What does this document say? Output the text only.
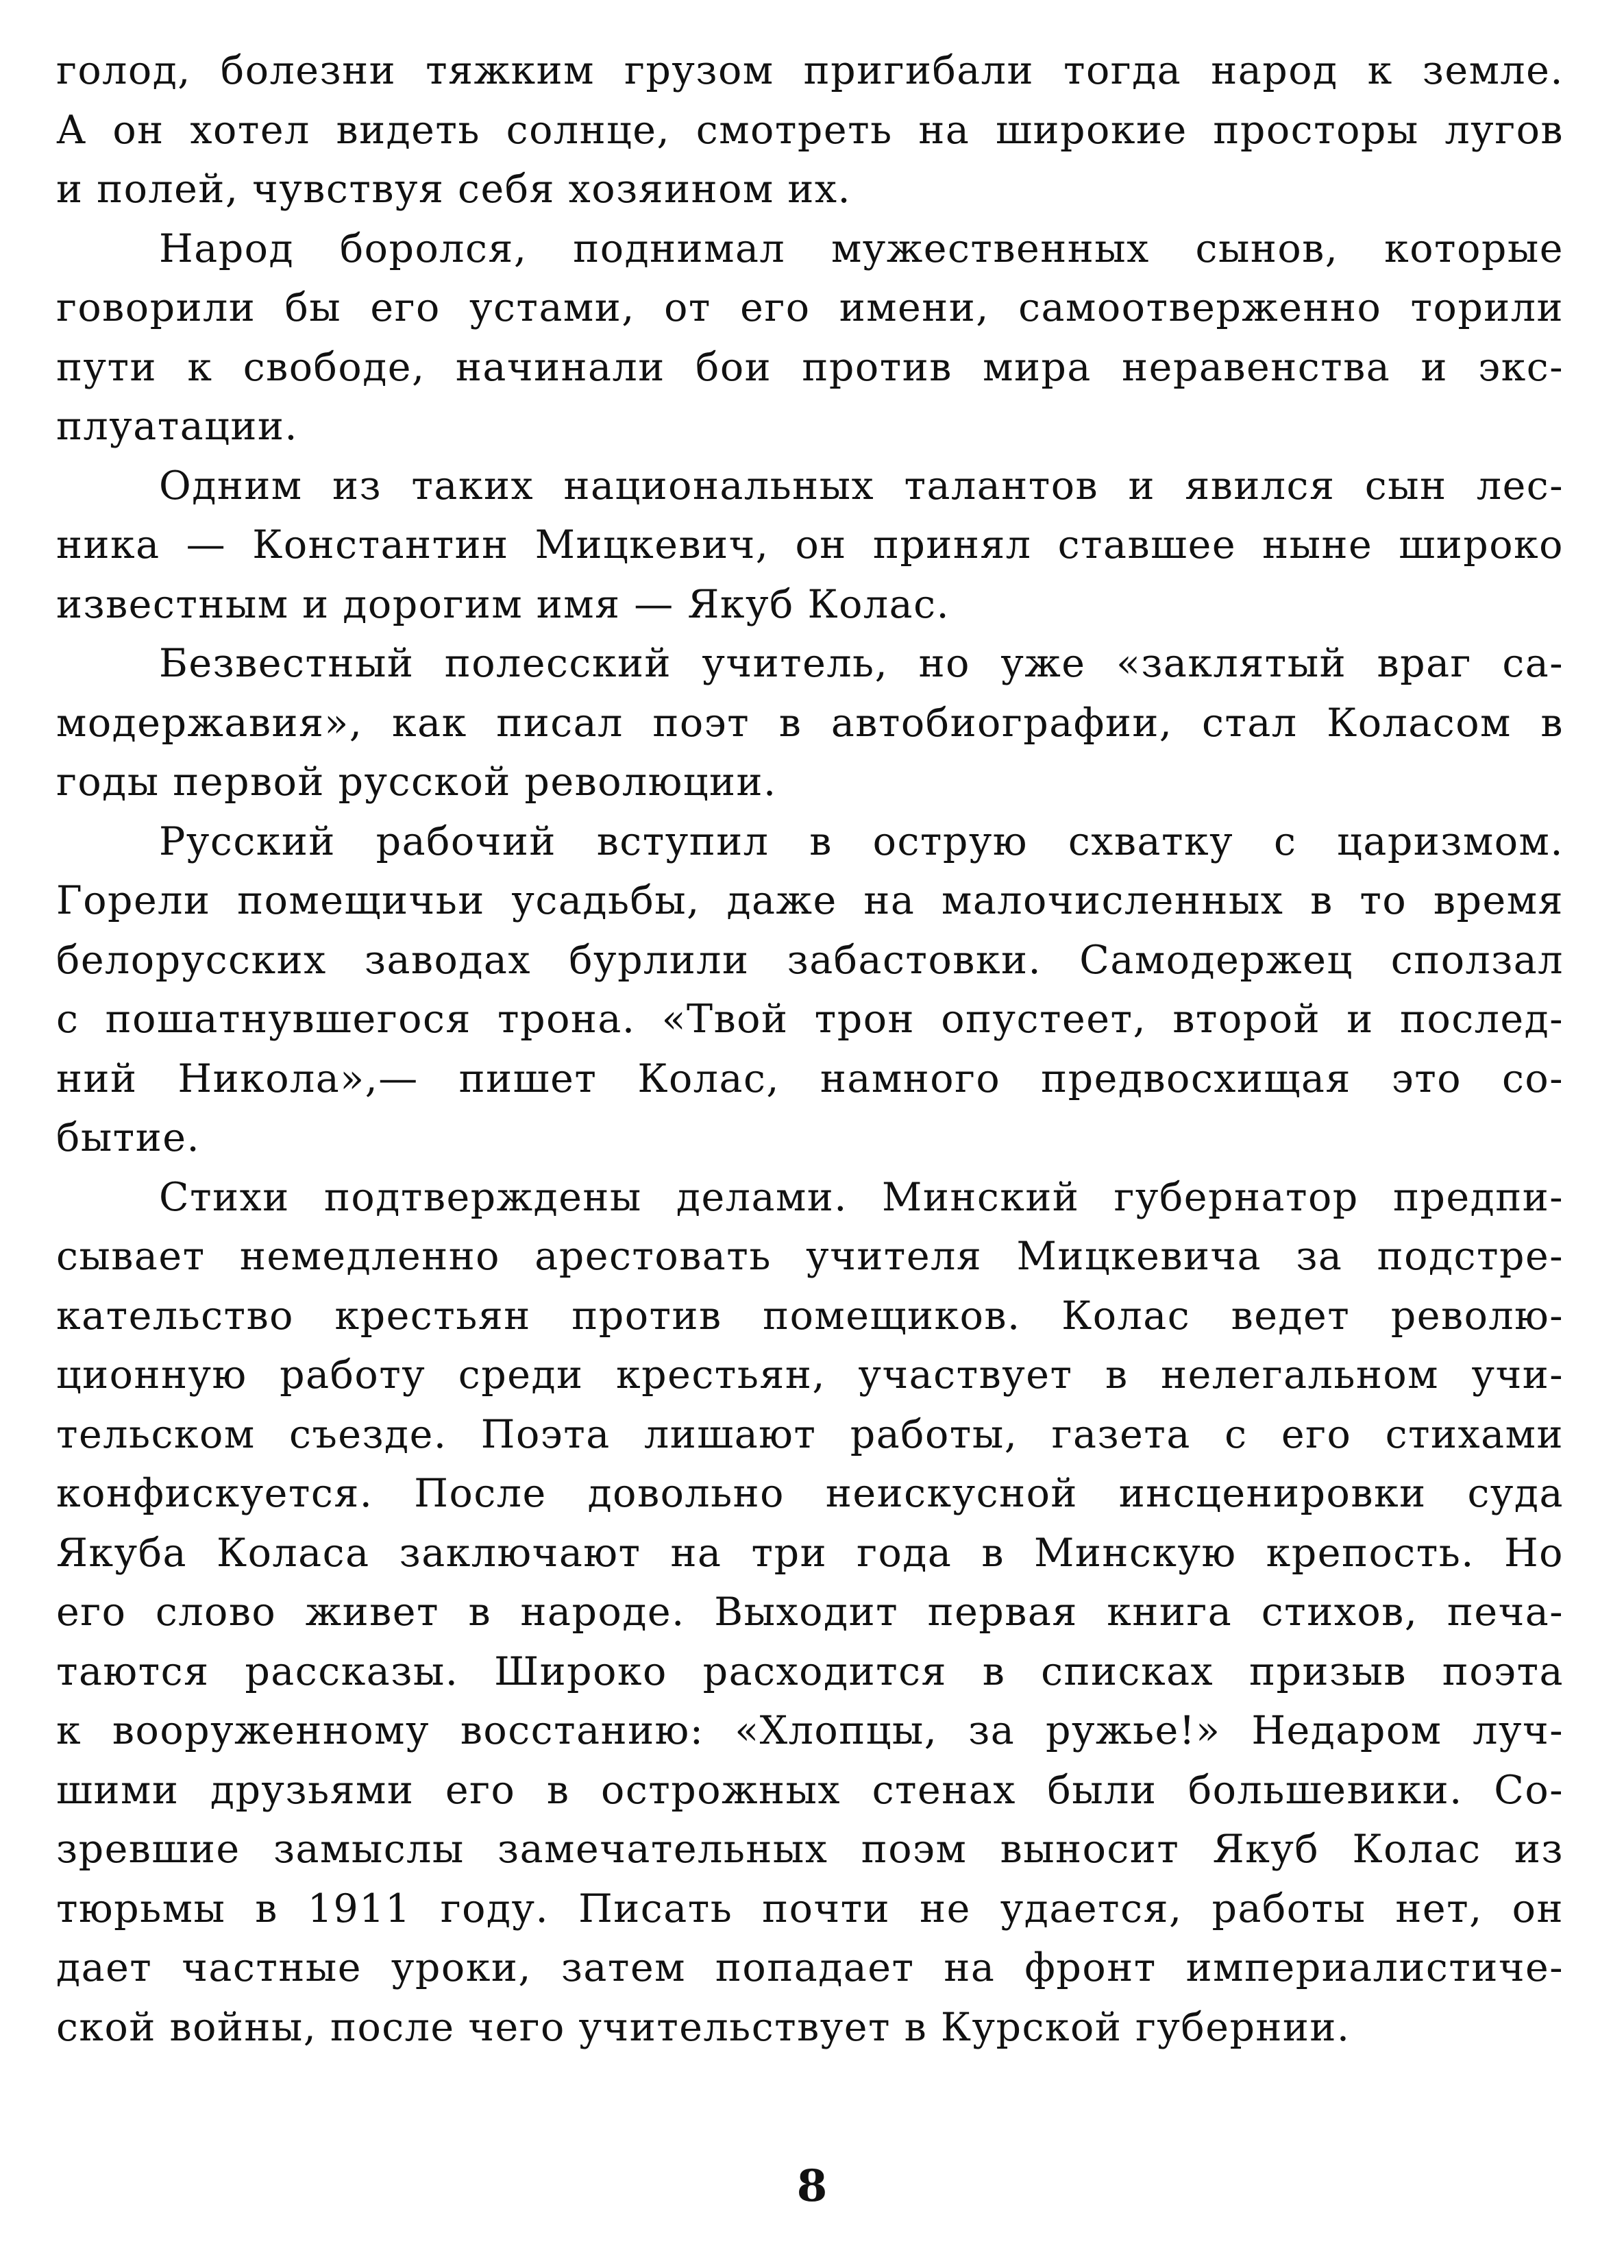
голод, болезни тяжким грузом пригибали тогда народ к земле.
А он хотел видеть солнце, смотреть на широкие просторы лугов
и полей, чувствуя себя хозяином их.
Народ боролся, поднимал мужественных сынов, которые
говорили бы его устами, от его имени, самоотверженно торили
пути к свободе, начинали бои против мира неравенства и экс-
плуатации.
Одним из таких национальных талантов и явился сын лес-
ника — Константин Мицкевич, он принял ставшее ныне широко
известным и дорогим имя — Якуб Колас.
Безвестный полесский учитель, но уже «заклятый враг са-
модержавия», как писал поэт в автобиографии, стал Коласом в
годы первой русской революции.
Русский рабочий вступил в острую схватку с царизмом.
Горели помещичьи усадьбы, даже на малочисленных в то время
белорусских заводах бурлили забастовки. Самодержец сползал
с пошатнувшегося трона. «Твой трон опустеет, второй и послед-
ний Никола»,— пишет Колас, намного предвосхищая это со-
бытие.
Стихи подтверждены делами. Минский губернатор предпи-
сывает немедленно арестовать учителя Мицкевича за подстре-
кательство крестьян против помещиков. Колас ведет револю-
ционную работу среди крестьян, участвует в нелегальном учи-
тельском съезде. Поэта лишают работы, газета с его стихами
конфискуется. После довольно неискусной инсценировки суда
Якуба Коласа заключают на три года в Минскую крепость. Но
его слово живет в народе. Выходит первая книга стихов, печа-
таются рассказы. Широко расходится в списках призыв поэта
к вооруженному восстанию: «Хлопцы, за ружье!» Недаром луч-
шими друзьями его в острожных стенах были большевики. Со-
зревшие замыслы замечательных поэм выносит Якуб Колас из
тюрьмы в 1911 году. Писать почти не удается, работы нет, он
дает частные уроки, затем попадает на фронт империалистиче-
ской войны, после чего учительствует в Курской губернии.
8
